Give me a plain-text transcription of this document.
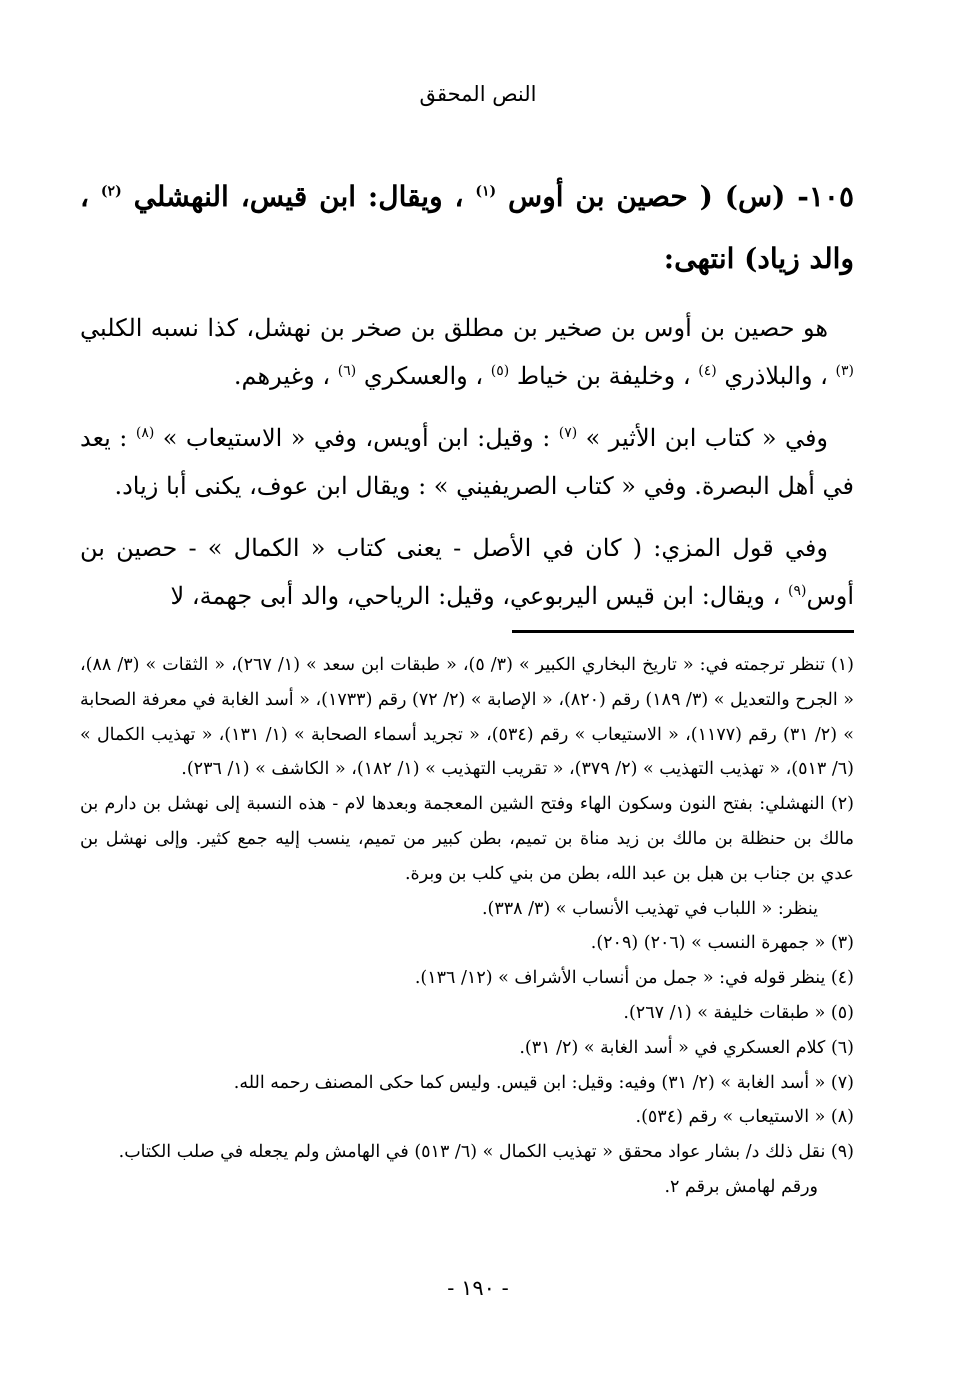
النص المحقق

١٠٥- (س) ( حصين بن أوس $^{(١)}$ ، ويقال: ابن قيس، النهشلي $^{(٢)}$ ، والد زياد) انتهى:

هو حصين بن أوس بن صخير بن مطلق بن صخر بن نهشل، كذا نسبه الكلبي $^{(٣)}$ ، والبلاذري $^{(٤)}$ ، وخليفة بن خياط $^{(٥)}$ ، والعسكري $^{(٦)}$ ، وغيرهم.

وفي « كتاب ابن الأثير » $^{(٧)}$ : وقيل: ابن أويس، وفي « الاستيعاب » $^{(٨)}$ : يعد في أهل البصرة. وفي « كتاب الصريفيني » : ويقال ابن عوف، يكنى أبا زياد.

وفي قول المزي: ( كان في الأصل - يعنى كتاب « الكمال » - حصين بن أوس$^{(٩)}$ ، ويقال: ابن قيس اليربوعي، وقيل: الرياحي، والد أبى جهمة، لا

(١) تنظر ترجمته في: « تاريخ البخاري الكبير » (٣/ ٥)، « طبقات ابن سعد » (١/ ٢٦٧)، « الثقات » (٣/ ٨٨)، « الجرح والتعديل » (٣/ ١٨٩) رقم (٨٢٠)، « الإصابة » (٢/ ٧٢) رقم (١٧٣٣)، « أسد الغابة في معرفة الصحابة » (٢/ ٣١) رقم (١١٧٧)، « الاستيعاب » رقم (٥٣٤)، « تجريد أسماء الصحابة » (١/ ١٣١)، « تهذيب الكمال » (٦/ ٥١٣)، « تهذيب التهذيب » (٢/ ٣٧٩)، « تقريب التهذيب » (١/ ١٨٢)، « الكاشف » (١/ ٢٣٦).

(٢) النهشلي: بفتح النون وسكون الهاء وفتح الشين المعجمة وبعدها لام - هذه النسبة إلى نهشل بن دارم بن مالك بن حنظلة بن مالك بن زيد مناة بن تميم، بطن كبير من تميم، ينسب إليه جمع كثير. وإلى نهشل بن عدي بن جناب بن هبل بن عبد الله، بطن من بني كلب بن وبرة.
ينظر: « اللباب في تهذيب الأنساب » (٣/ ٣٣٨).

(٣) « جمهرة النسب » (٢٠٦) (٢٠٩).

(٤) ينظر قوله في: « جمل من أنساب الأشراف » (١٢/ ١٣٦).

(٥) « طبقات خليفة » (١/ ٢٦٧).

(٦) كلام العسكري في « أسد الغابة » (٢/ ٣١).

(٧) « أسد الغابة » (٢/ ٣١) وفيه: وقيل: ابن قيس. وليس كما حكى المصنف رحمه الله.

(٨) « الاستيعاب » رقم (٥٣٤).

(٩) نقل ذلك د/ بشار عواد محقق « تهذيب الكمال » (٦/ ٥١٣) في الهامش ولم يجعله في صلب الكتاب.
ورقم لهامش برقم ٢.

- ١٩٠ -
